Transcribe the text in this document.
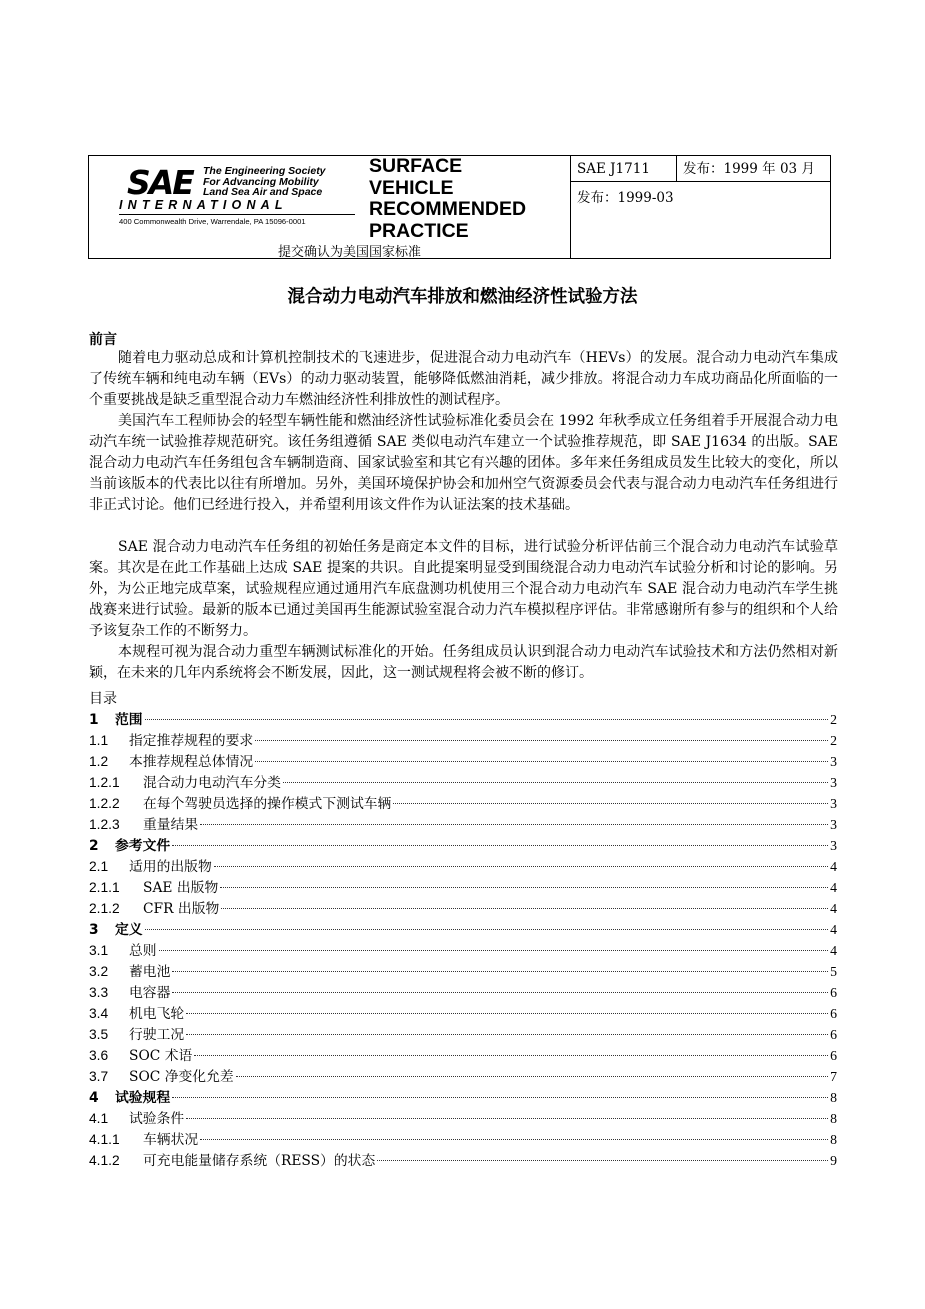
SAE The Engineering Society
For Advancing Mobility
Land Sea Air and Space
INTERNATIONAL
400 Commonwealth Drive, Warrendale, PA 15096-0001
SURFACE
VEHICLE
RECOMMENDED
PRACTICE
提交确认为美国国家标准
SAE J1711	发布：1999 年 03 月
发布：1999-03
混合动力电动汽车排放和燃油经济性试验方法
前言

随着电力驱动总成和计算机控制技术的飞速进步，促进混合动力电动汽车（HEVs）的发展。混合动力电动汽车集成了传统车辆和纯电动车辆（EVs）的动力驱动装置，能够降低燃油消耗，减少排放。将混合动力车成功商品化所面临的一个重要挑战是缺乏重型混合动力车燃油经济性利排放性的测试程序。

美国汽车工程师协会的轻型车辆性能和燃油经济性试验标准化委员会在 1992 年秋季成立任务组着手开展混合动力电动汽车统一试验推荐规范研究。该任务组遵循 SAE 类似电动汽车建立一个试验推荐规范，即 SAE J1634 的出版。SAE 混合动力电动汽车任务组包含车辆制造商、国家试验室和其它有兴趣的团体。多年来任务组成员发生比较大的变化，所以当前该版本的代表比以往有所增加。另外，美国环境保护协会和加州空气资源委员会代表与混合动力电动汽车任务组进行非正式讨论。他们已经进行投入，并希望利用该文件作为认证法案的技术基础。

SAE 混合动力电动汽车任务组的初始任务是商定本文件的目标，进行试验分析评估前三个混合动力电动汽车试验草案。其次是在此工作基础上达成 SAE 提案的共识。自此提案明显受到围绕混合动力电动汽车试验分析和讨论的影响。另外，为公正地完成草案，试验规程应通过通用汽车底盘测功机使用三个混合动力电动汽车 SAE 混合动力电动汽车学生挑战赛来进行试验。最新的版本已通过美国再生能源试验室混合动力汽车模拟程序评估。非常感谢所有参与的组织和个人给予该复杂工作的不断努力。

本规程可视为混合动力重型车辆测试标准化的开始。任务组成员认识到混合动力电动汽车试验技术和方法仍然相对新颖，在未来的几年内系统将会不断发展，因此，这一测试规程将会被不断的修订。

目录
1	范围	2
1.1	指定推荐规程的要求	2
1.2	本推荐规程总体情况	3
1.2.1	混合动力电动汽车分类	3
1.2.2	在每个驾驶员选择的操作模式下测试车辆	3
1.2.3	重量结果	3
2	参考文件	3
2.1	适用的出版物	4
2.1.1	SAE 出版物	4
2.1.2	CFR 出版物	4
3	定义	4
3.1	总则	4
3.2	蓄电池	5
3.3	电容器	6
3.4	机电飞轮	6
3.5	行驶工况	6
3.6	SOC 术语	6
3.7	SOC 净变化允差	7
4	试验规程	8
4.1	试验条件	8
4.1.1	车辆状况	8
4.1.2	可充电能量储存系统（RESS）的状态	9
